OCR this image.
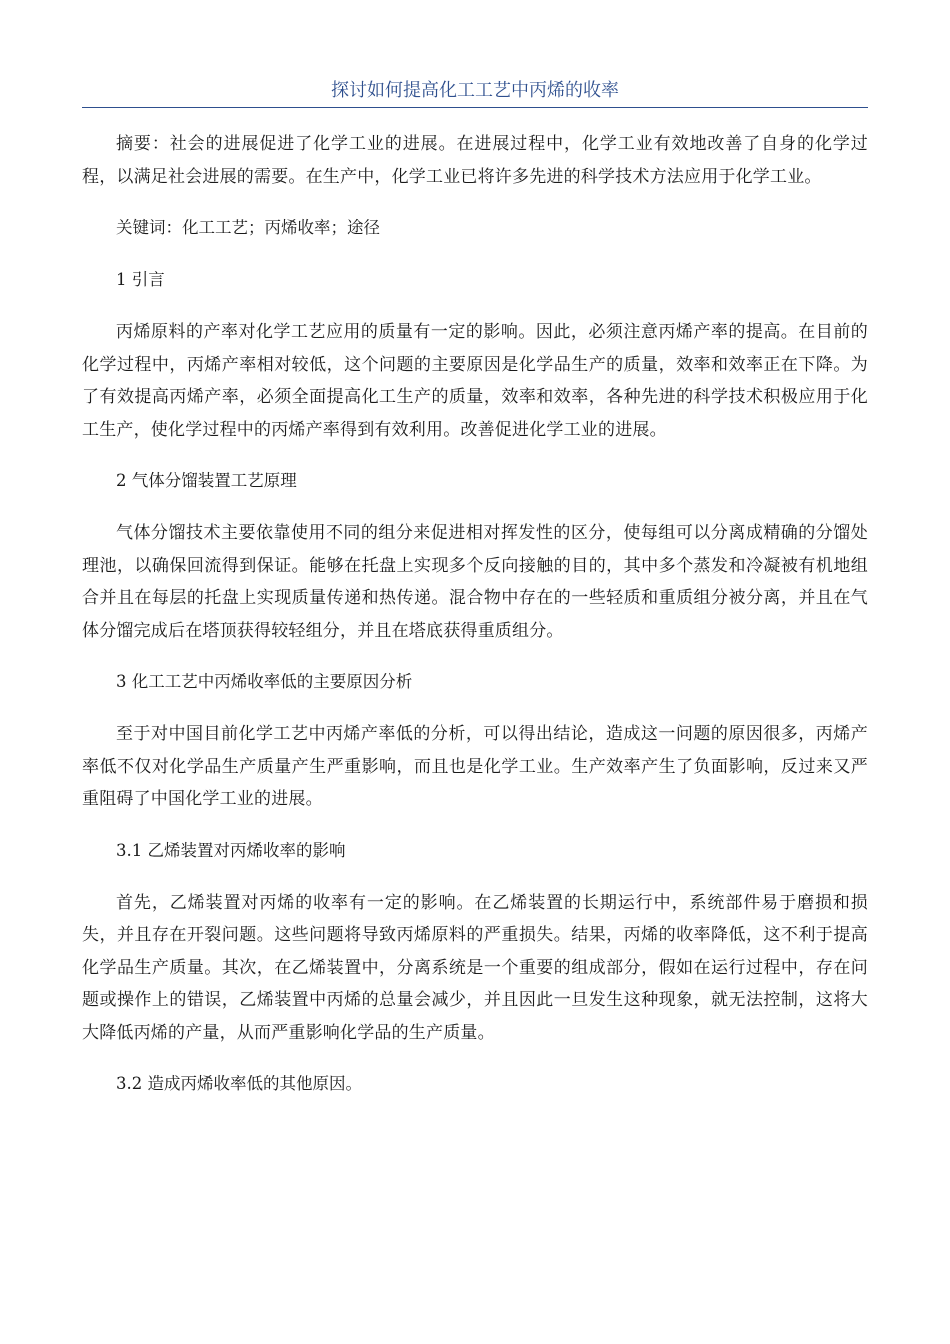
探讨如何提高化工工艺中丙烯的收率

摘要：社会的进展促进了化学工业的进展。在进展过程中，化学工业有效地改善了自身的化学过程，以满足社会进展的需要。在生产中，化学工业已将许多先进的科学技术方法应用于化学工业。

关键词：化工工艺；丙烯收率；途径

1 引言

丙烯原料的产率对化学工艺应用的质量有一定的影响。因此，必须注意丙烯产率的提高。在目前的化学过程中，丙烯产率相对较低，这个问题的主要原因是化学品生产的质量，效率和效率正在下降。为了有效提高丙烯产率，必须全面提高化工生产的质量，效率和效率，各种先进的科学技术积极应用于化工生产，使化学过程中的丙烯产率得到有效利用。改善促进化学工业的进展。

2 气体分馏装置工艺原理

气体分馏技术主要依靠使用不同的组分来促进相对挥发性的区分，使每组可以分离成精确的分馏处理池，以确保回流得到保证。能够在托盘上实现多个反向接触的目的，其中多个蒸发和冷凝被有机地组合并且在每层的托盘上实现质量传递和热传递。混合物中存在的一些轻质和重质组分被分离，并且在气体分馏完成后在塔顶获得较轻组分，并且在塔底获得重质组分。

3 化工工艺中丙烯收率低的主要原因分析

至于对中国目前化学工艺中丙烯产率低的分析，可以得出结论，造成这一问题的原因很多，丙烯产率低不仅对化学品生产质量产生严重影响，而且也是化学工业。生产效率产生了负面影响，反过来又严重阻碍了中国化学工业的进展。

3.1 乙烯装置对丙烯收率的影响

首先，乙烯装置对丙烯的收率有一定的影响。在乙烯装置的长期运行中，系统部件易于磨损和损失，并且存在开裂问题。这些问题将导致丙烯原料的严重损失。结果，丙烯的收率降低，这不利于提高化学品生产质量。其次，在乙烯装置中，分离系统是一个重要的组成部分，假如在运行过程中，存在问题或操作上的错误，乙烯装置中丙烯的总量会减少，并且因此一旦发生这种现象，就无法控制，这将大大降低丙烯的产量，从而严重影响化学品的生产质量。

3.2 造成丙烯收率低的其他原因。
